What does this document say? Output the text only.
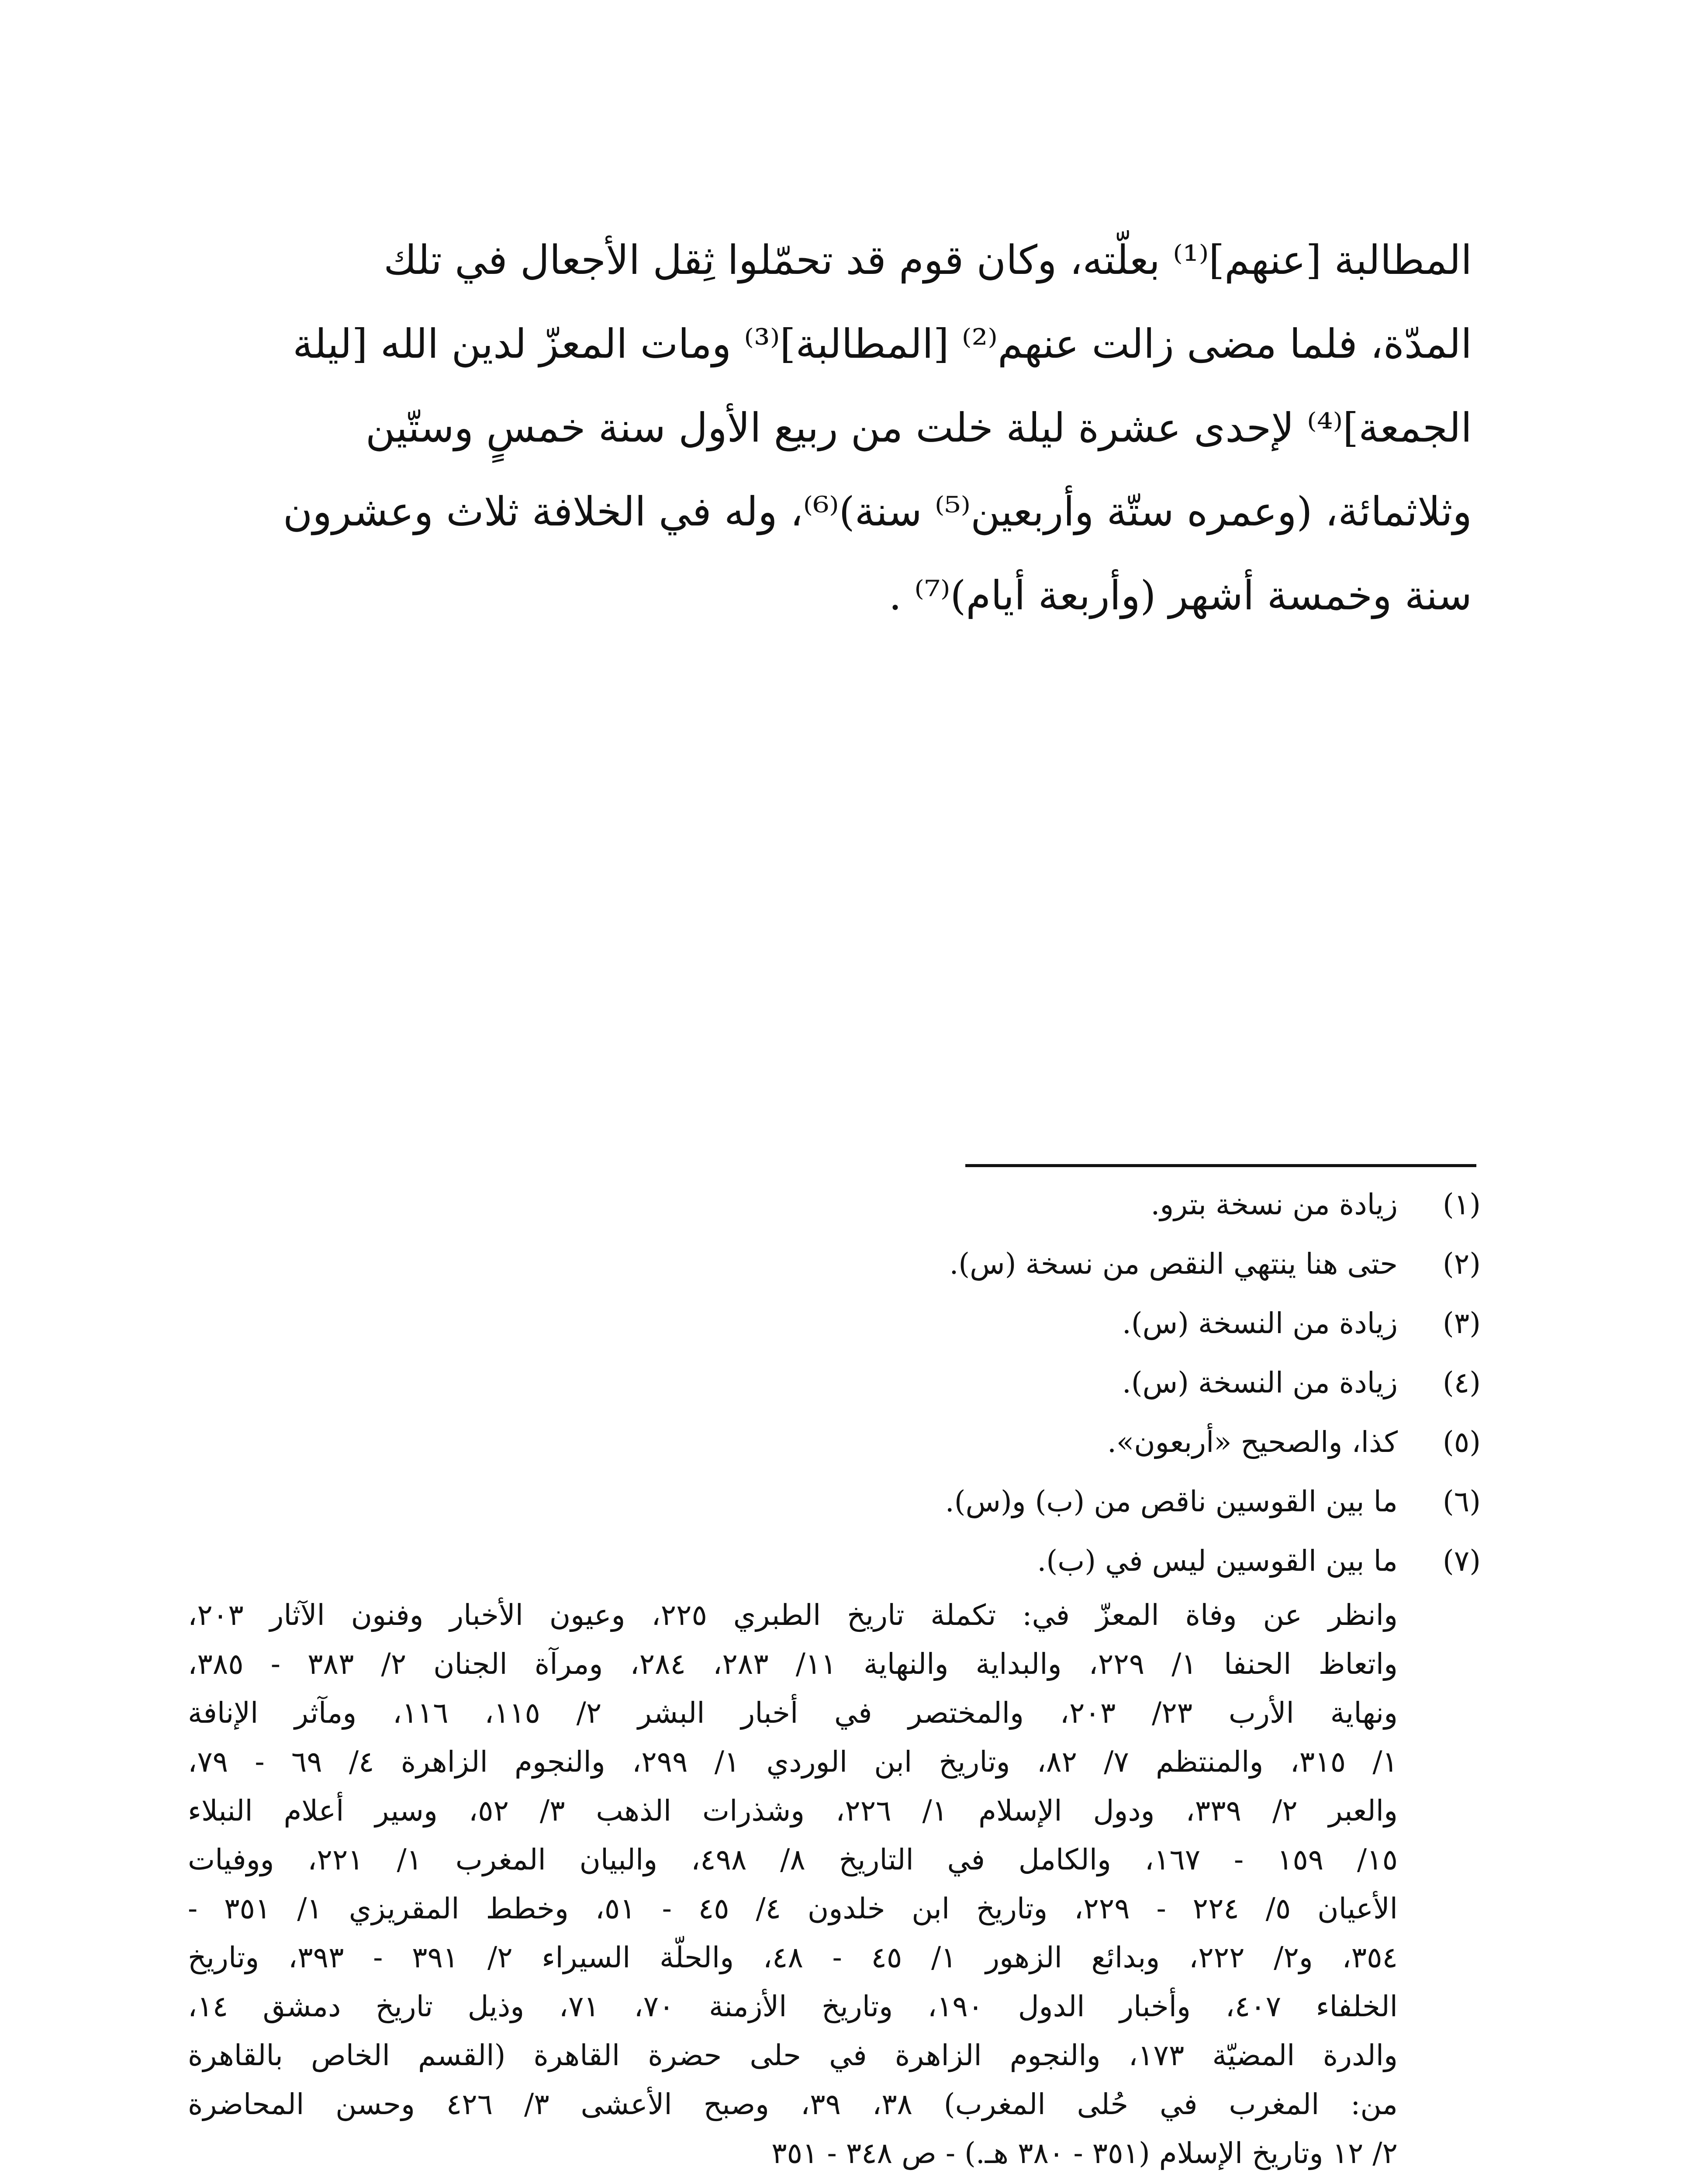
المطالبة [عنهم]⁽¹⁾ بعلّته، وكان قوم قد تحمّلوا ثِقل الأجعال في تلك
المدّة، فلما مضى زالت عنهم⁽²⁾ [المطالبة]⁽³⁾ ومات المعزّ لدين الله [ليلة
الجمعة]⁽⁴⁾ لإحدى عشرة ليلة خلت من ربيع الأول سنة خمسٍ وستّين
وثلاثمائة، (وعمره ستّة وأربعين⁽⁵⁾ سنة)⁽⁶⁾، وله في الخلافة ثلاث وعشرون
سنة وخمسة أشهر (وأربعة أيام)⁽⁷⁾ .
(١)
زيادة من نسخة بترو.
(٢)
حتى هنا ينتهي النقص من نسخة (س).
(٣)
زيادة من النسخة (س).
(٤)
زيادة من النسخة (س).
(٥)
كذا، والصحيح «أربعون».
(٦)
ما بين القوسين ناقص من (ب) و(س).
(٧)
ما بين القوسين ليس في (ب).
وانظر عن وفاة المعزّ في: تكملة تاريخ الطبري ٢٢٥، وعيون الأخبار وفنون الآثار ٢٠٣،
واتعاظ الحنفا ١/ ٢٢٩، والبداية والنهاية ١١/ ٢٨٣، ٢٨٤، ومرآة الجنان ٢/ ٣٨٣ - ٣٨٥،
ونهاية الأرب ٢٣/ ٢٠٣، والمختصر في أخبار البشر ٢/ ١١٥، ١١٦، ومآثر الإنافة
١/ ٣١٥، والمنتظم ٧/ ٨٢، وتاريخ ابن الوردي ١/ ٢٩٩، والنجوم الزاهرة ٤/ ٦٩ - ٧٩،
والعبر ٢/ ٣٣٩، ودول الإسلام ١/ ٢٢٦، وشذرات الذهب ٣/ ٥٢، وسير أعلام النبلاء
١٥/ ١٥٩ - ١٦٧، والكامل في التاريخ ٨/ ٤٩٨، والبيان المغرب ١/ ٢٢١، ووفيات
الأعيان ٥/ ٢٢٤ - ٢٢٩، وتاريخ ابن خلدون ٤/ ٤٥ - ٥١، وخطط المقريزي ١/ ٣٥١ -
٣٥٤، و٢/ ٢٢٢، وبدائع الزهور ١/ ٤٥ - ٤٨، والحلّة السيراء ٢/ ٣٩١ - ٣٩٣، وتاريخ
الخلفاء ٤٠٧، وأخبار الدول ١٩٠، وتاريخ الأزمنة ٧٠، ٧١، وذيل تاريخ دمشق ١٤،
والدرة المضيّة ١٧٣، والنجوم الزاهرة في حلى حضرة القاهرة (القسم الخاص بالقاهرة
من: المغرب في حُلى المغرب) ٣٨، ٣٩، وصبح الأعشى ٣/ ٤٢٦ وحسن المحاضرة
٢/ ١٢ وتاريخ الإسلام (٣٥١ - ٣٨٠ هـ.) - ص ٣٤٨ - ٣٥١
